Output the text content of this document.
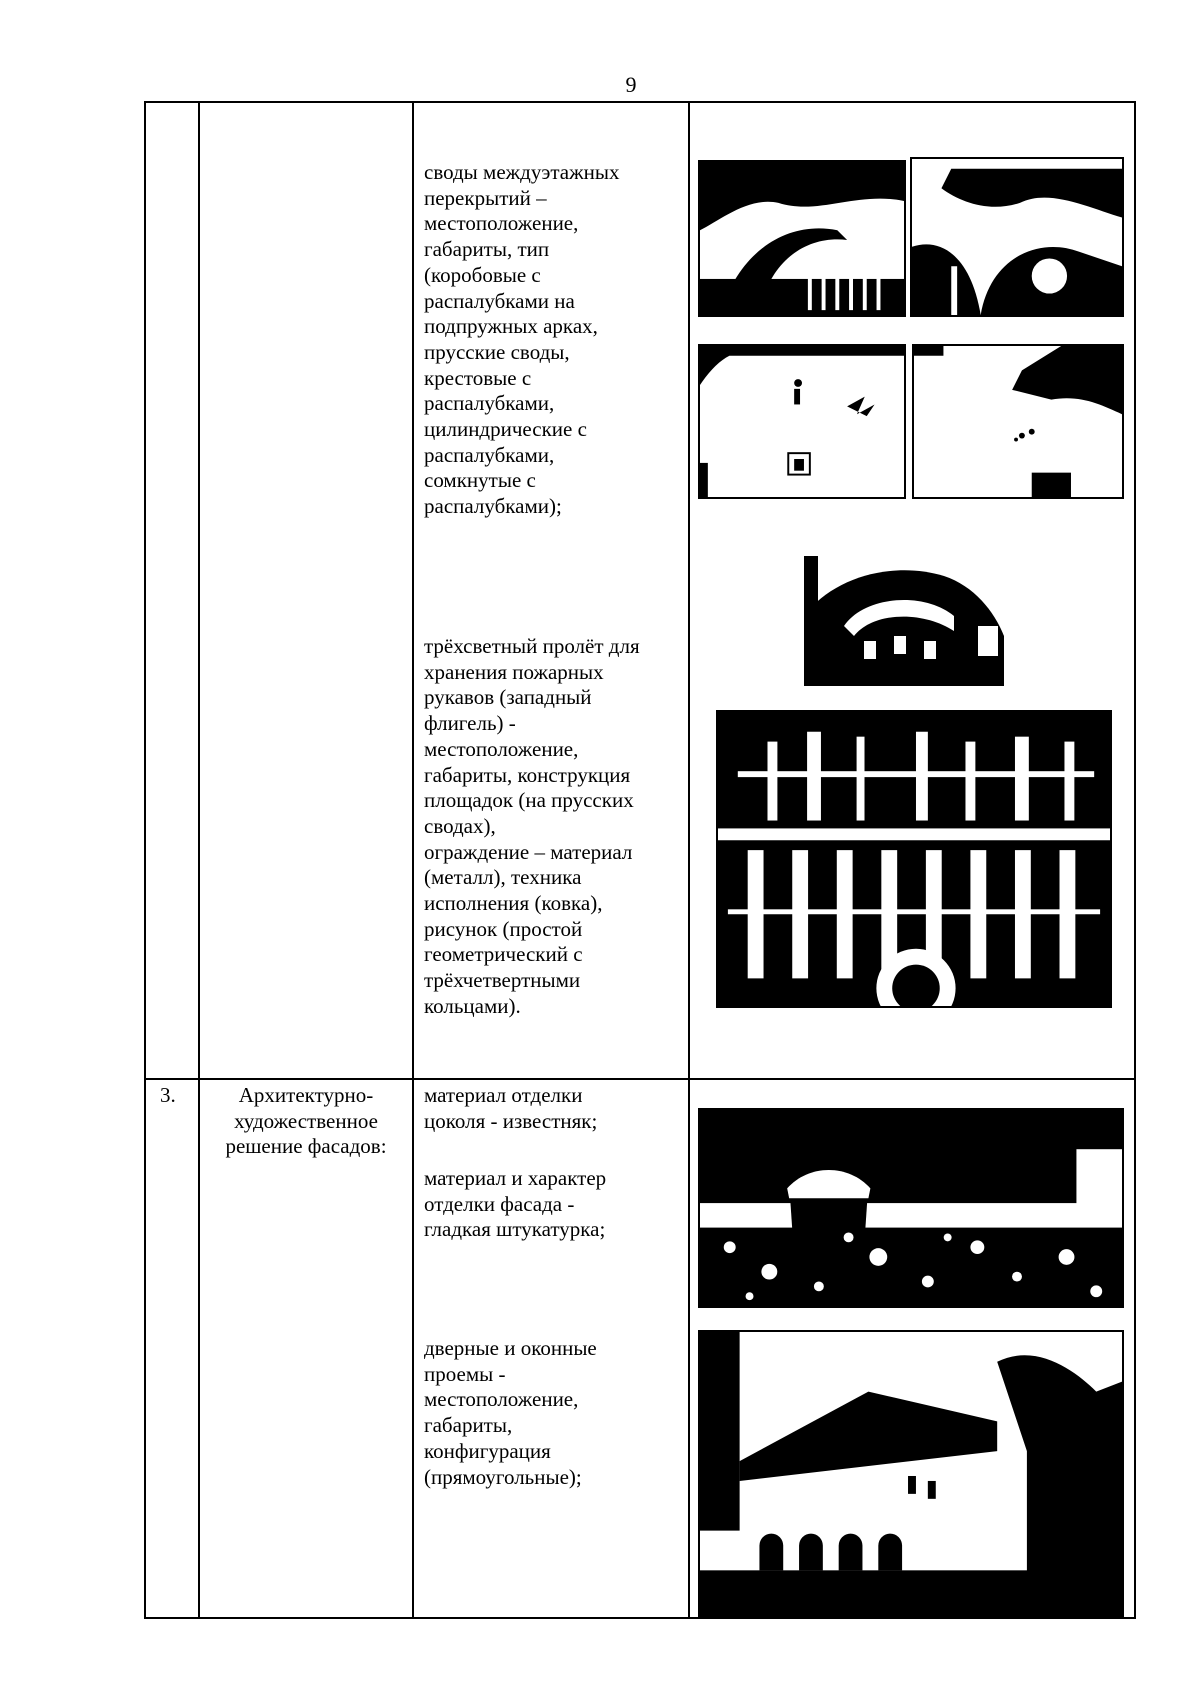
9
своды междуэтажных
перекрытий –
местоположение,
габариты, тип
(коробовые с
распалубками на
подпружных арках,
прусские своды,
крестовые с
распалубками,
цилиндрические с
распалубками,
сомкнутые с
распалубками);
трёхсветный пролёт для
хранения пожарных
рукавов (западный
флигель) -
местоположение,
габариты, конструкция
площадок (на прусских
сводах),
ограждение – материал
(металл), техника
исполнения (ковка),
рисунок (простой
геометрический с
трёхчетвертными
кольцами).
3.	Архитектурно-
художественное
решение фасадов:
материал отделки
цоколя - известняк;
материал и характер
отделки фасада -
гладкая штукатурка;
дверные и оконные
проемы -
местоположение,
габариты,
конфигурация
(прямоугольные);
